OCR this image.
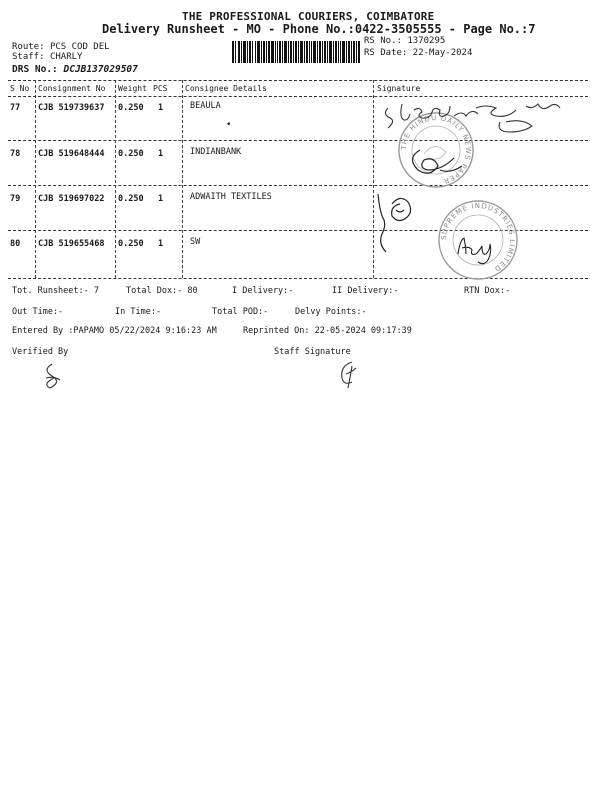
THE PROFESSIONAL COURIERS, COIMBATORE
Delivery Runsheet - MO - Phone No.:0422-3505555 - Page No.:7
Route: PCS COD DEL
Staff: CHARLY
DRS No.: DCJB137029507
RS No.: 1370295
RS Date: 22-May-2024
S No Consignment No Weight PCS Consignee Details	Signature
77 CJB 519739637 0.250 1	BEAULA
78 CJB 519648444 0.250 1	INDIANBANK
79 CJB 519697022 0.250 1	ADWAITH TEXTILES
80 CJB 519655468 0.250 1	SW
•
THE HINDU DAILY NEWS PAPER
SUPREME INDUSTRIES LIMITED
Tot. Runsheet:- 7	Total Dox:- 80	I Delivery:-	II Delivery:-	RTN Dox:-
Out Time:-	In Time:-	Total POD:-	Delvy Points:-
Entered By :PAPAMO 05/22/2024 9:16:23 AM	Reprinted On: 22-05-2024 09:17:39
Verified By	Staff Signature
